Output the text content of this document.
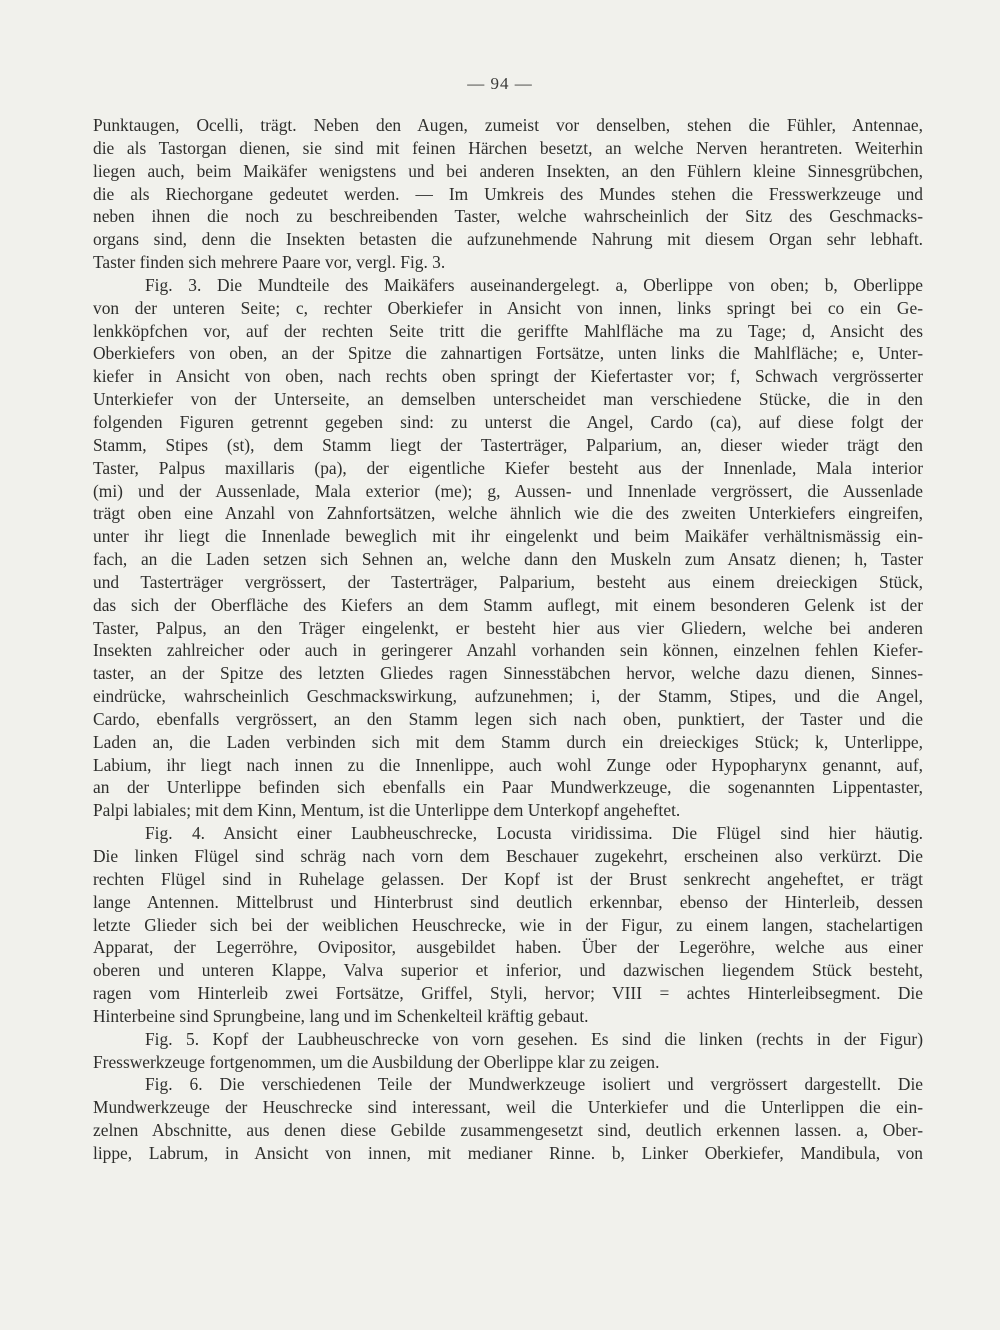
— 94 —
Punktaugen, Ocelli, trägt. Neben den Augen, zumeist vor denselben, stehen die Fühler, Antennae,
die als Tastorgan dienen, sie sind mit feinen Härchen besetzt, an welche Nerven herantreten. Weiterhin
liegen auch, beim Maikäfer wenigstens und bei anderen Insekten, an den Fühlern kleine Sinnesgrübchen,
die als Riechorgane gedeutet werden. — Im Umkreis des Mundes stehen die Fresswerkzeuge und
neben ihnen die noch zu beschreibenden Taster, welche wahrscheinlich der Sitz des Geschmacks-
organs sind, denn die Insekten betasten die aufzunehmende Nahrung mit diesem Organ sehr lebhaft.
Taster finden sich mehrere Paare vor, vergl. Fig. 3.
Fig. 3. Die Mundteile des Maikäfers auseinandergelegt. a, Oberlippe von oben; b, Oberlippe
von der unteren Seite; c, rechter Oberkiefer in Ansicht von innen, links springt bei co ein Ge-
lenkköpfchen vor, auf der rechten Seite tritt die geriffte Mahlfläche ma zu Tage; d, Ansicht des
Oberkiefers von oben, an der Spitze die zahnartigen Fortsätze, unten links die Mahlfläche; e, Unter-
kiefer in Ansicht von oben, nach rechts oben springt der Kiefertaster vor; f, Schwach vergrösserter
Unterkiefer von der Unterseite, an demselben unterscheidet man verschiedene Stücke, die in den
folgenden Figuren getrennt gegeben sind: zu unterst die Angel, Cardo (ca), auf diese folgt der
Stamm, Stipes (st), dem Stamm liegt der Tasterträger, Palparium, an, dieser wieder trägt den
Taster, Palpus maxillaris (pa), der eigentliche Kiefer besteht aus der Innenlade, Mala interior
(mi) und der Aussenlade, Mala exterior (me); g, Aussen- und Innenlade vergrössert, die Aussenlade
trägt oben eine Anzahl von Zahnfortsätzen, welche ähnlich wie die des zweiten Unterkiefers eingreifen,
unter ihr liegt die Innenlade beweglich mit ihr eingelenkt und beim Maikäfer verhältnismässig ein-
fach, an die Laden setzen sich Sehnen an, welche dann den Muskeln zum Ansatz dienen; h, Taster
und Tasterträger vergrössert, der Tasterträger, Palparium, besteht aus einem dreieckigen Stück,
das sich der Oberfläche des Kiefers an dem Stamm auflegt, mit einem besonderen Gelenk ist der
Taster, Palpus, an den Träger eingelenkt, er besteht hier aus vier Gliedern, welche bei anderen
Insekten zahlreicher oder auch in geringerer Anzahl vorhanden sein können, einzelnen fehlen Kiefer-
taster, an der Spitze des letzten Gliedes ragen Sinnesstäbchen hervor, welche dazu dienen, Sinnes-
eindrücke, wahrscheinlich Geschmackswirkung, aufzunehmen; i, der Stamm, Stipes, und die Angel,
Cardo, ebenfalls vergrössert, an den Stamm legen sich nach oben, punktiert, der Taster und die
Laden an, die Laden verbinden sich mit dem Stamm durch ein dreieckiges Stück; k, Unterlippe,
Labium, ihr liegt nach innen zu die Innenlippe, auch wohl Zunge oder Hypopharynx genannt, auf,
an der Unterlippe befinden sich ebenfalls ein Paar Mundwerkzeuge, die sogenannten Lippentaster,
Palpi labiales; mit dem Kinn, Mentum, ist die Unterlippe dem Unterkopf angeheftet.
Fig. 4. Ansicht einer Laubheuschrecke, Locusta viridissima. Die Flügel sind hier häutig.
Die linken Flügel sind schräg nach vorn dem Beschauer zugekehrt, erscheinen also verkürzt. Die
rechten Flügel sind in Ruhelage gelassen. Der Kopf ist der Brust senkrecht angeheftet, er trägt
lange Antennen. Mittelbrust und Hinterbrust sind deutlich erkennbar, ebenso der Hinterleib, dessen
letzte Glieder sich bei der weiblichen Heuschrecke, wie in der Figur, zu einem langen, stachelartigen
Apparat, der Legerröhre, Ovipositor, ausgebildet haben. Über der Legeröhre, welche aus einer
oberen und unteren Klappe, Valva superior et inferior, und dazwischen liegendem Stück besteht,
ragen vom Hinterleib zwei Fortsätze, Griffel, Styli, hervor; VIII = achtes Hinterleibsegment. Die
Hinterbeine sind Sprungbeine, lang und im Schenkelteil kräftig gebaut.
Fig. 5. Kopf der Laubheuschrecke von vorn gesehen. Es sind die linken (rechts in der Figur)
Fresswerkzeuge fortgenommen, um die Ausbildung der Oberlippe klar zu zeigen.
Fig. 6. Die verschiedenen Teile der Mundwerkzeuge isoliert und vergrössert dargestellt. Die
Mundwerkzeuge der Heuschrecke sind interessant, weil die Unterkiefer und die Unterlippen die ein-
zelnen Abschnitte, aus denen diese Gebilde zusammengesetzt sind, deutlich erkennen lassen. a, Ober-
lippe, Labrum, in Ansicht von innen, mit medianer Rinne. b, Linker Oberkiefer, Mandibula, von
